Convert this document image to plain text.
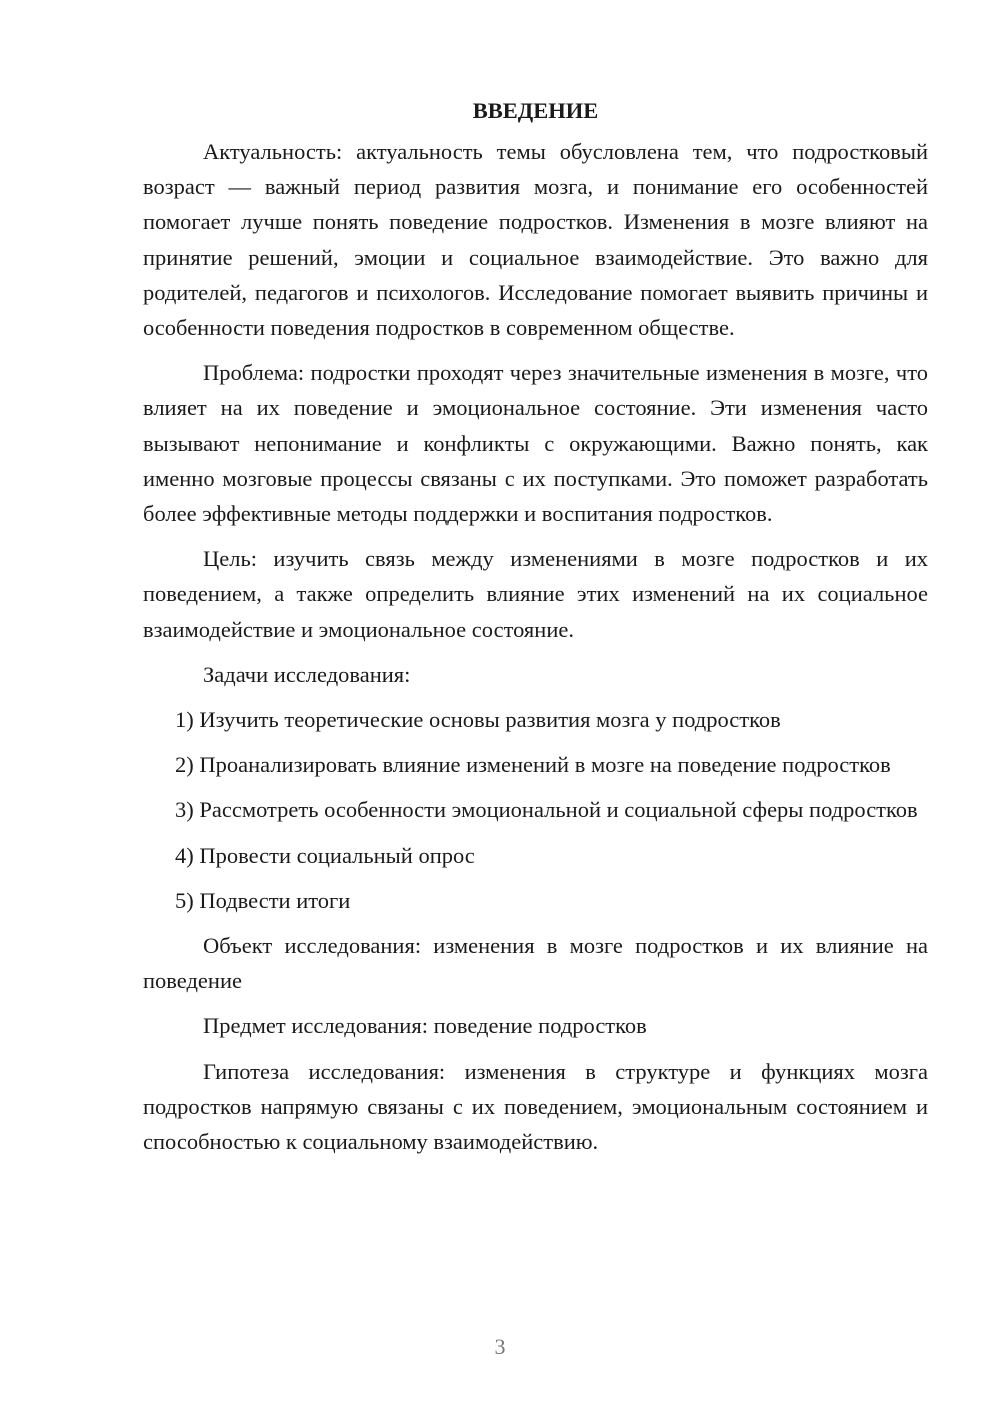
ВВЕДЕНИЕ

Актуальность: актуальность темы обусловлена тем, что подростковый возраст — важный период развития мозга, и понимание его особенностей помогает лучше понять поведение подростков. Изменения в мозге влияют на принятие решений, эмоции и социальное взаимодействие. Это важно для родителей, педагогов и психологов. Исследование помогает выявить причины и особенности поведения подростков в современном обществе.

Проблема: подростки проходят через значительные изменения в мозге, что влияет на их поведение и эмоциональное состояние. Эти изменения часто вызывают непонимание и конфликты с окружающими. Важно понять, как именно мозговые процессы связаны с их поступками. Это поможет разработать более эффективные методы поддержки и воспитания подростков.

Цель: изучить связь между изменениями в мозге подростков и их поведением, а также определить влияние этих изменений на их социальное взаимодействие и эмоциональное состояние.

Задачи исследования:

1) Изучить теоретические основы развития мозга у подростков

2) Проанализировать влияние изменений в мозге на поведение подростков

3) Рассмотреть особенности эмоциональной и социальной сферы подростков

4) Провести социальный опрос

5) Подвести итоги

Объект исследования: изменения в мозге подростков и их влияние на поведение

Предмет исследования: поведение подростков

Гипотеза исследования: изменения в структуре и функциях мозга подростков напрямую связаны с их поведением, эмоциональным состоянием и способностью к социальному взаимодействию.

3
